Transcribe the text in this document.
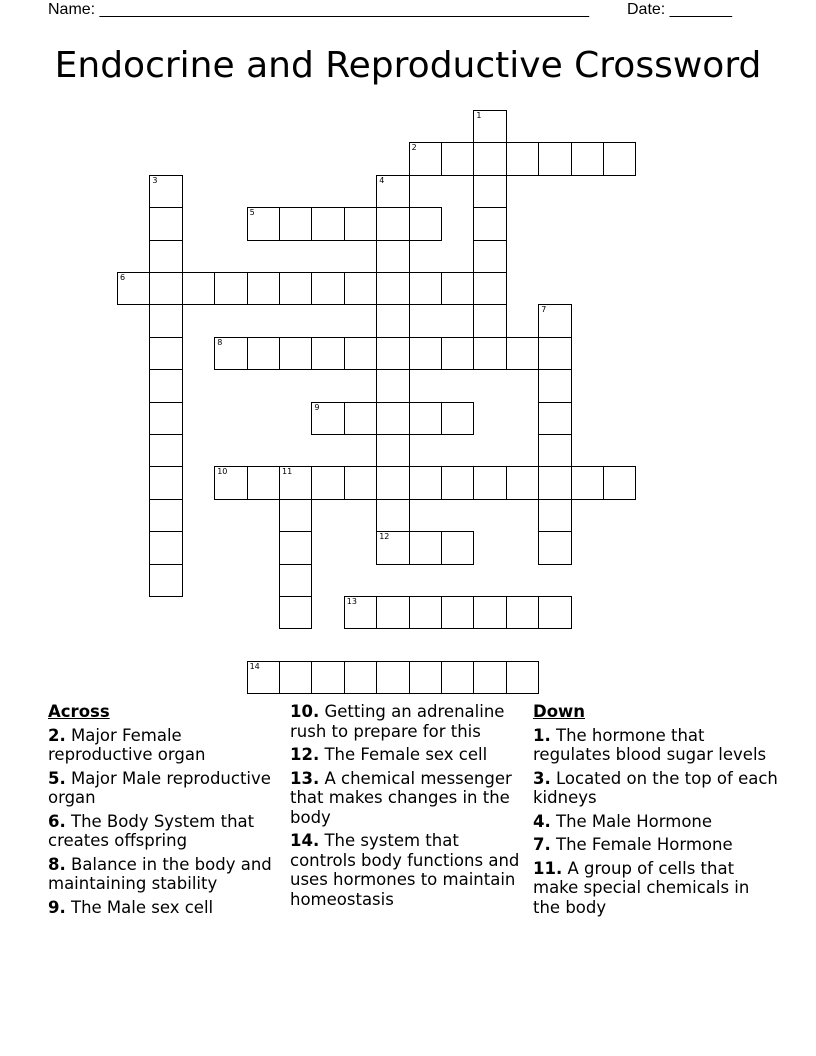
Name: _______________________________________________________ Date: _______
Endocrine and Reproductive Crossword
2
5
6
8
9
10	11
12
13
14
1
3	4
7
Across
2. Major Female reproductive organ
5. Major Male reproductive organ
6. The Body System that creates offspring
8. Balance in the body and maintaining stability
9. The Male sex cell
10. Getting an adrenaline rush to prepare for this
12. The Female sex cell
13. A chemical messenger that makes changes in the body
14. The system that controls body functions and uses hormones to maintain homeostasis
Down
1. The hormone that regulates blood sugar levels
3. Located on the top of each kidneys
4. The Male Hormone
7. The Female Hormone
11. A group of cells that make special chemicals in the body
